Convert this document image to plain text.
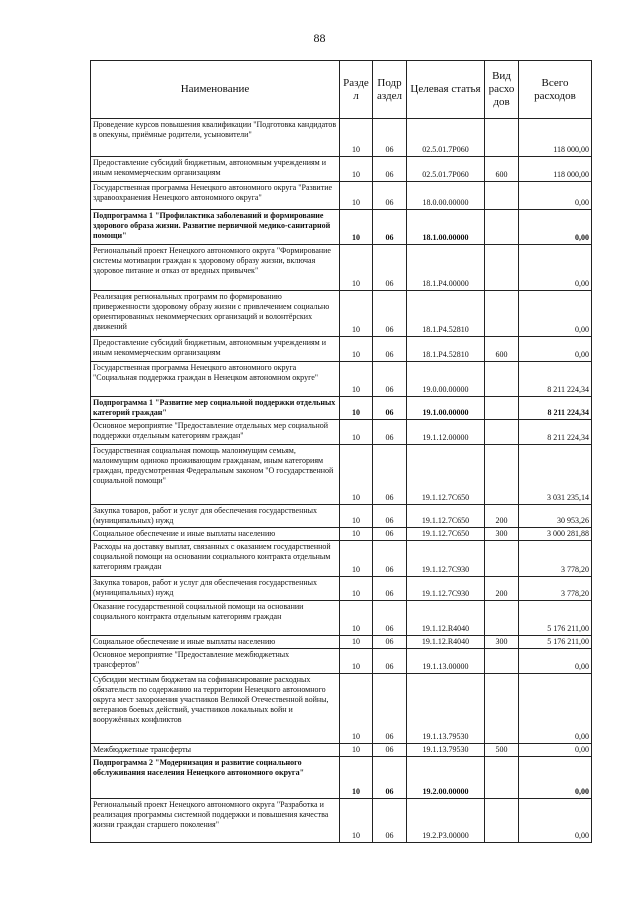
88
Наименование	Разде л	Подр аздел	Целевая статья	Вид расхо дов	Всего расходов
Проведение курсов повышения квалификации "Подготовка кандидатов в опекуны, приёмные родители, усыновители"	10	06	02.5.01.7Р060		118 000,00
Предоставление субсидий бюджетным, автономным учреждениям и иным некоммерческим организациям	10	06	02.5.01.7Р060	600	118 000,00
Государственная программа Ненецкого автономного округа "Развитие здравоохранения Ненецкого автономного округа"	10	06	18.0.00.00000		0,00
Подпрограмма 1 "Профилактика заболеваний и формирование здорового образа жизни. Развитие первичной медико-санитарной помощи"	10	06	18.1.00.00000		0,00
Региональный проект Ненецкого автономного округа "Формирование системы мотивации граждан к здоровому образу жизни, включая здоровое питание и отказ от вредных привычек"	10	06	18.1.Р4.00000		0,00
Реализация региональных программ по формированию приверженности здоровому образу жизни с привлечением социально ориентированных некоммерческих организаций и волонтёрских движений	10	06	18.1.Р4.52810		0,00
Предоставление субсидий бюджетным, автономным учреждениям и иным некоммерческим организациям	10	06	18.1.Р4.52810	600	0,00
Государственная программа Ненецкого автономного округа "Социальная поддержка граждан в Ненецком автономном округе"	10	06	19.0.00.00000		8 211 224,34
Подпрограмма 1 "Развитие мер социальной поддержки отдельных категорий граждан"	10	06	19.1.00.00000		8 211 224,34
Основное мероприятие "Предоставление отдельных мер социальной поддержки отдельным категориям граждан"	10	06	19.1.12.00000		8 211 224,34
Государственная социальная помощь малоимущим семьям, малоимущим одиноко проживающим гражданам, иным категориям граждан, предусмотренная Федеральным законом "О государственной социальной помощи"	10	06	19.1.12.7С650		3 031 235,14
Закупка товаров, работ и услуг для обеспечения государственных (муниципальных) нужд	10	06	19.1.12.7С650	200	30 953,26
Социальное обеспечение и иные выплаты населению	10	06	19.1.12.7С650	300	3 000 281,88
Расходы на доставку выплат, связанных с оказанием государственной социальной помощи на основании социального контракта отдельным категориям граждан	10	06	19.1.12.7С930		3 778,20
Закупка товаров, работ и услуг для обеспечения государственных (муниципальных) нужд	10	06	19.1.12.7С930	200	3 778,20
Оказание государственной социальной помощи на основании социального контракта отдельным категориям граждан	10	06	19.1.12.R4040		5 176 211,00
Социальное обеспечение и иные выплаты населению	10	06	19.1.12.R4040	300	5 176 211,00
Основное мероприятие "Предоставление межбюджетных трансфертов"	10	06	19.1.13.00000		0,00
Субсидии местным бюджетам на софинансирование расходных обязательств по содержанию на территории Ненецкого автономного округа мест захоронения участников Великой Отечественной войны, ветеранов боевых действий, участников локальных войн и вооружённых конфликтов	10	06	19.1.13.79530		0,00
Межбюджетные трансферты	10	06	19.1.13.79530	500	0,00
Подпрограмма 2 "Модернизация и развитие социального обслуживания населения Ненецкого автономного округа"	10	06	19.2.00.00000		0,00
Региональный проект Ненецкого автономного округа "Разработка и реализация программы системной поддержки и повышения качества жизни граждан старшего поколения"	10	06	19.2.Р3.00000		0,00
